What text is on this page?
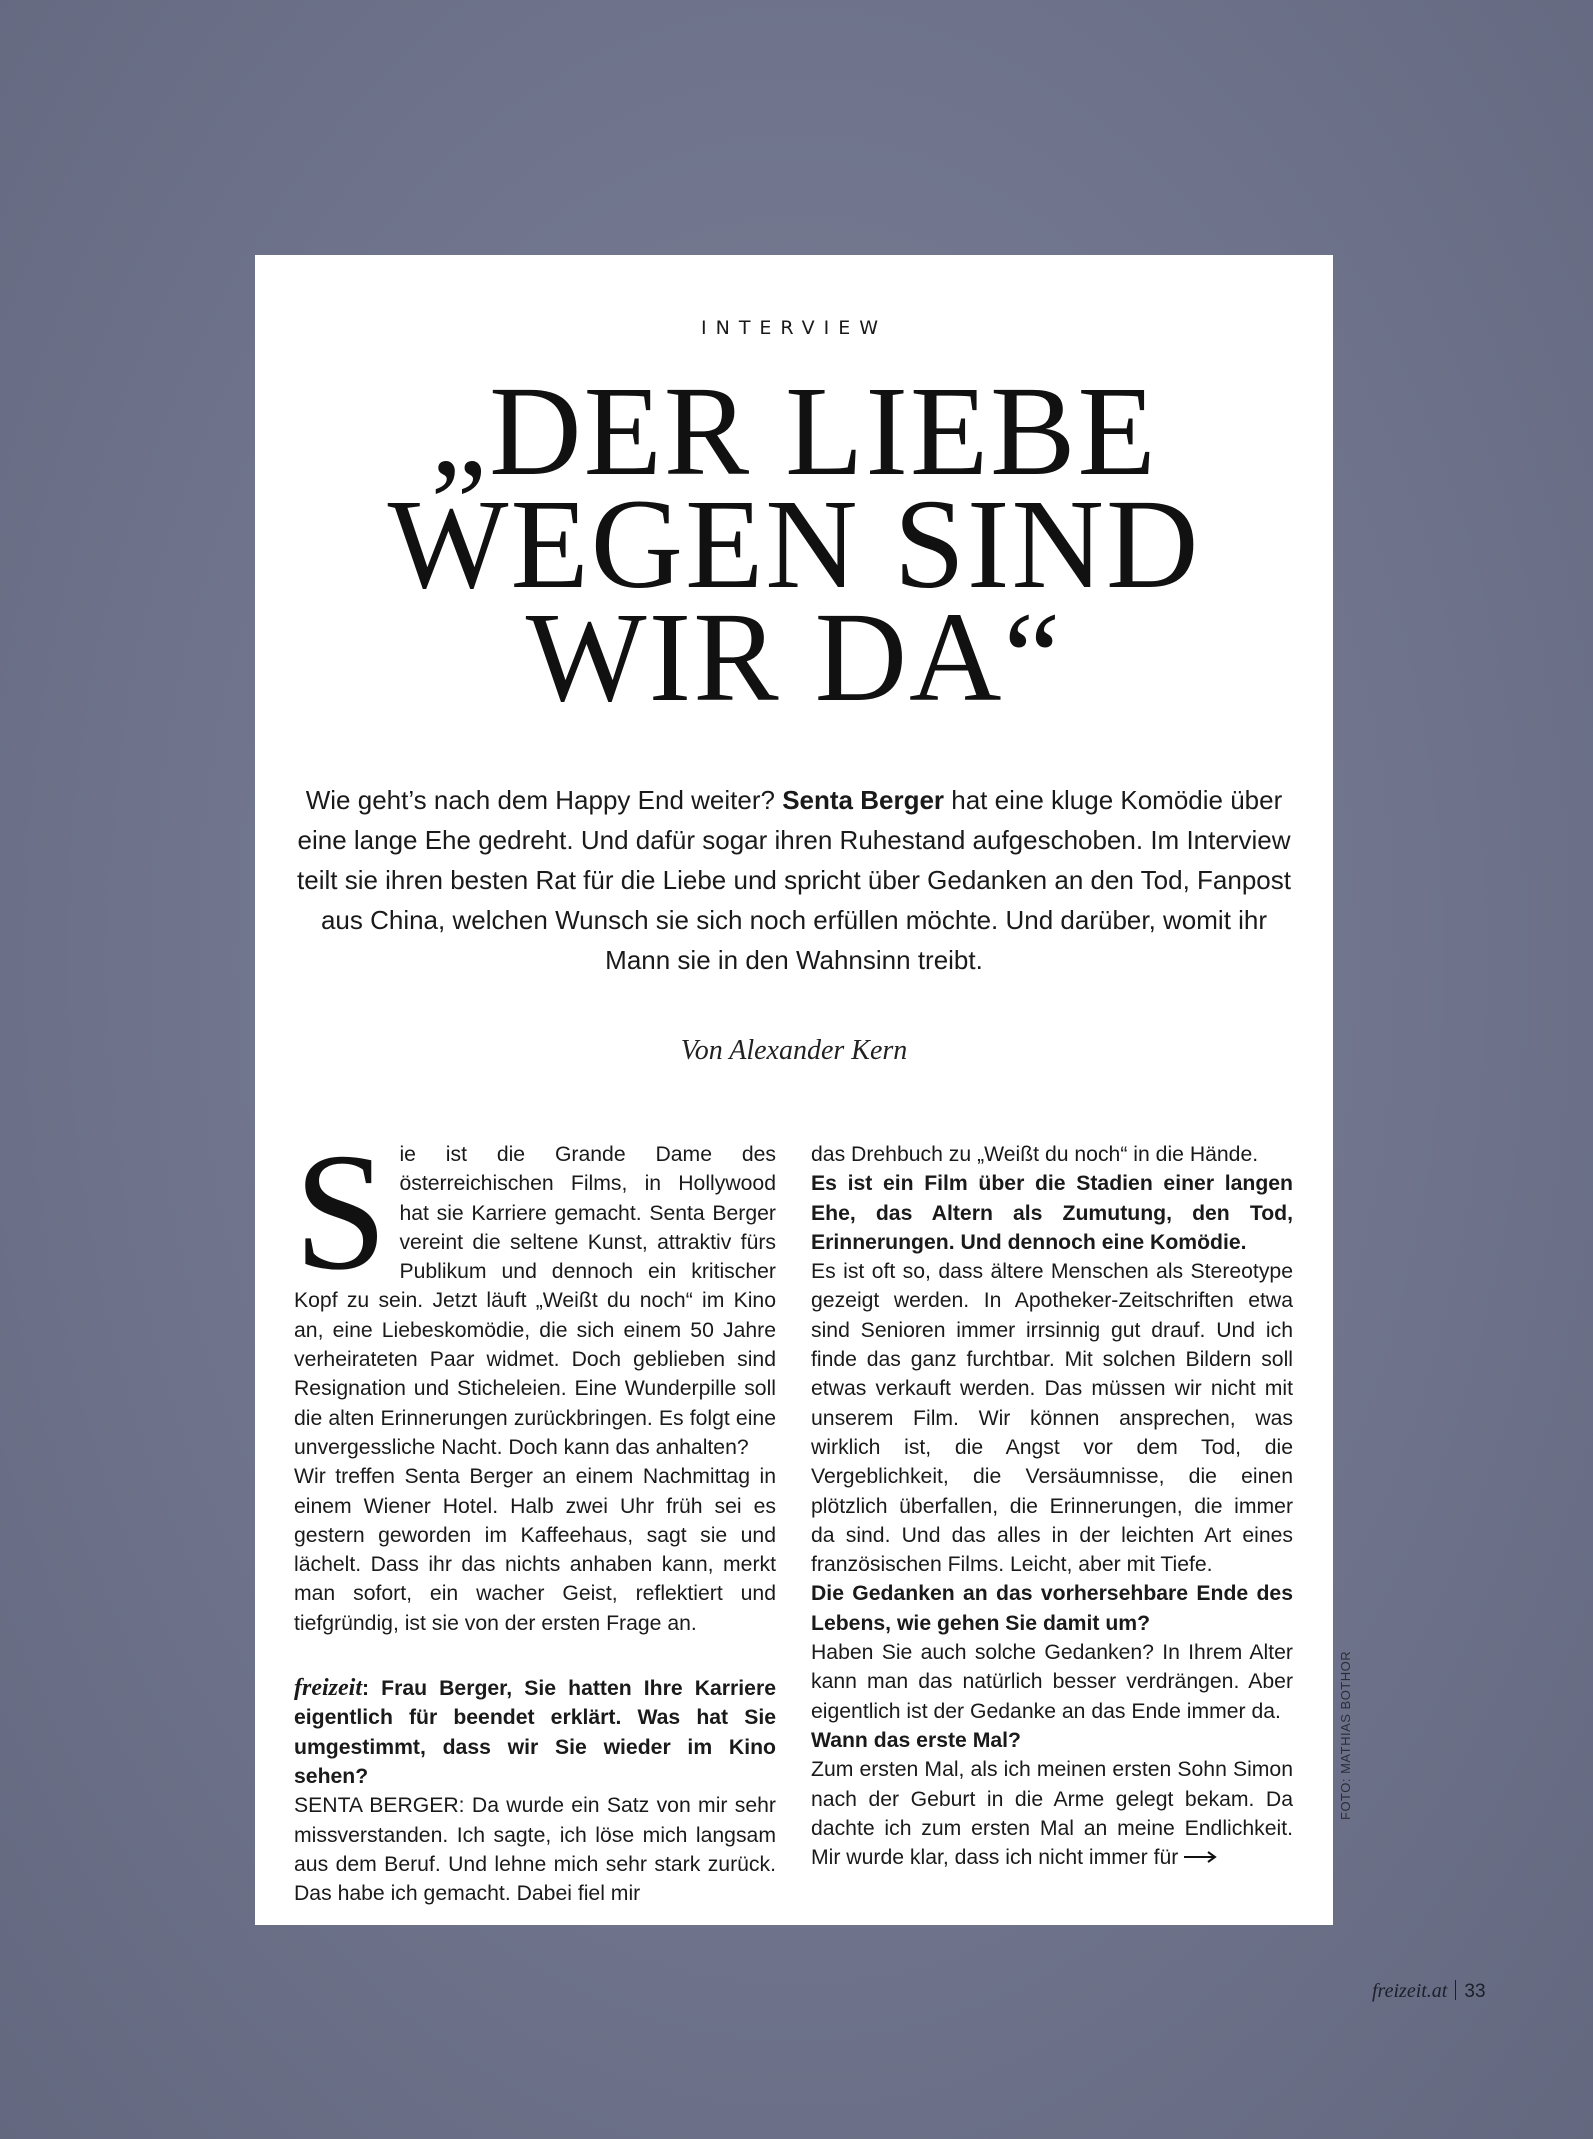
INTERVIEW
„DER LIEBE
WEGEN SIND
WIR DA“
Wie geht’s nach dem Happy End weiter? Senta Berger hat eine kluge Komödie über eine lange Ehe gedreht. Und dafür sogar ihren Ruhestand aufgeschoben. Im Interview teilt sie ihren besten Rat für die Liebe und spricht über Gedanken an den Tod, Fanpost aus China, welchen Wunsch sie sich noch erfüllen möchte. Und darüber, womit ihr Mann sie in den Wahnsinn treibt.
Von Alexander Kern

Sie ist die Grande Dame des österreichischen Films, in Hollywood hat sie Karriere gemacht. Senta Berger vereint die seltene Kunst, attraktiv fürs Publikum und dennoch ein kritischer Kopf zu sein. Jetzt läuft „Weißt du noch“ im Kino an, eine Liebeskomödie, die sich einem 50 Jahre verheirateten Paar widmet. Doch geblieben sind Resignation und Sticheleien. Eine Wunderpille soll die alten Erinnerungen zurückbringen. Es folgt eine unvergessliche Nacht. Doch kann das anhalten?

Wir treffen Senta Berger an einem Nachmittag in einem Wiener Hotel. Halb zwei Uhr früh sei es gestern geworden im Kaffeehaus, sagt sie und lächelt. Dass ihr das nichts anhaben kann, merkt man sofort, ein wacher Geist, reflektiert und tiefgründig, ist sie von der ersten Frage an.

freizeit: Frau Berger, Sie hatten Ihre Karriere eigentlich für beendet erklärt. Was hat Sie umgestimmt, dass wir Sie wieder im Kino sehen?

SENTA BERGER: Da wurde ein Satz von mir sehr missverstanden. Ich sagte, ich löse mich langsam aus dem Beruf. Und lehne mich sehr stark zurück. Das habe ich gemacht. Dabei fiel mir

das Drehbuch zu „Weißt du noch“ in die Hände.

Es ist ein Film über die Stadien einer langen Ehe, das Altern als Zumutung, den Tod, Erinnerungen. Und dennoch eine Komödie.

Es ist oft so, dass ältere Menschen als Stereotype gezeigt werden. In Apotheker-Zeitschriften etwa sind Senioren immer irrsinnig gut drauf. Und ich finde das ganz furchtbar. Mit solchen Bildern soll etwas verkauft werden. Das müssen wir nicht mit unserem Film. Wir können ansprechen, was wirklich ist, die Angst vor dem Tod, die Vergeblichkeit, die Versäumnisse, die einen plötzlich überfallen, die Erinnerungen, die immer da sind. Und das alles in der leichten Art eines französischen Films. Leicht, aber mit Tiefe.

Die Gedanken an das vorhersehbare Ende des Lebens, wie gehen Sie damit um?

Haben Sie auch solche Gedanken? In Ihrem Alter kann man das natürlich besser verdrängen. Aber eigentlich ist der Gedanke an das Ende immer da.

Wann das erste Mal?

Zum ersten Mal, als ich meinen ersten Sohn Simon nach der Geburt in die Arme gelegt bekam. Da dachte ich zum ersten Mal an meine Endlichkeit. Mir wurde klar, dass ich nicht immer für

FOTO: MATHIAS BOTHOR
freizeit.at 33
